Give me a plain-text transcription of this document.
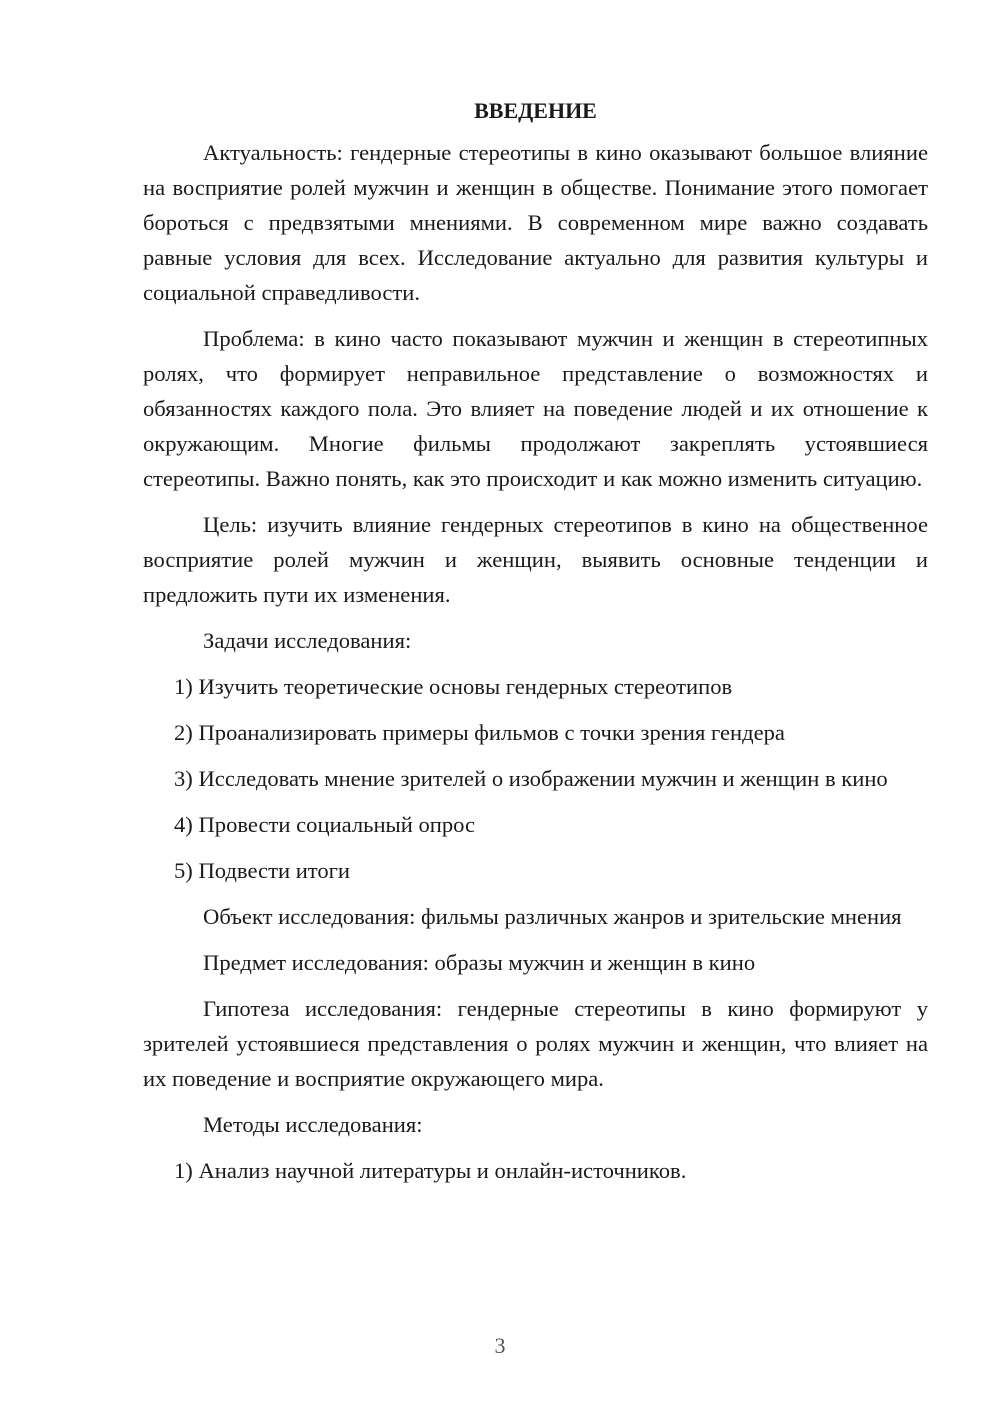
ВВЕДЕНИЕ

Актуальность: гендерные стереотипы в кино оказывают большое влияние на восприятие ролей мужчин и женщин в обществе. Понимание этого помогает бороться с предвзятыми мнениями. В современном мире важно создавать равные условия для всех. Исследование актуально для развития культуры и социальной справедливости.

Проблема: в кино часто показывают мужчин и женщин в стереотипных ролях, что формирует неправильное представление о возможностях и обязанностях каждого пола. Это влияет на поведение людей и их отношение к окружающим. Многие фильмы продолжают закреплять устоявшиеся стереотипы. Важно понять, как это происходит и как можно изменить ситуацию.

Цель: изучить влияние гендерных стереотипов в кино на общественное восприятие ролей мужчин и женщин, выявить основные тенденции и предложить пути их изменения.

Задачи исследования:

1) Изучить теоретические основы гендерных стереотипов

2) Проанализировать примеры фильмов с точки зрения гендера

3) Исследовать мнение зрителей о изображении мужчин и женщин в кино

4) Провести социальный опрос

5) Подвести итоги

Объект исследования: фильмы различных жанров и зрительские мнения

Предмет исследования: образы мужчин и женщин в кино

Гипотеза исследования: гендерные стереотипы в кино формируют у зрителей устоявшиеся представления о ролях мужчин и женщин, что влияет на их поведение и восприятие окружающего мира.

Методы исследования:

1) Анализ научной литературы и онлайн-источников.

3
